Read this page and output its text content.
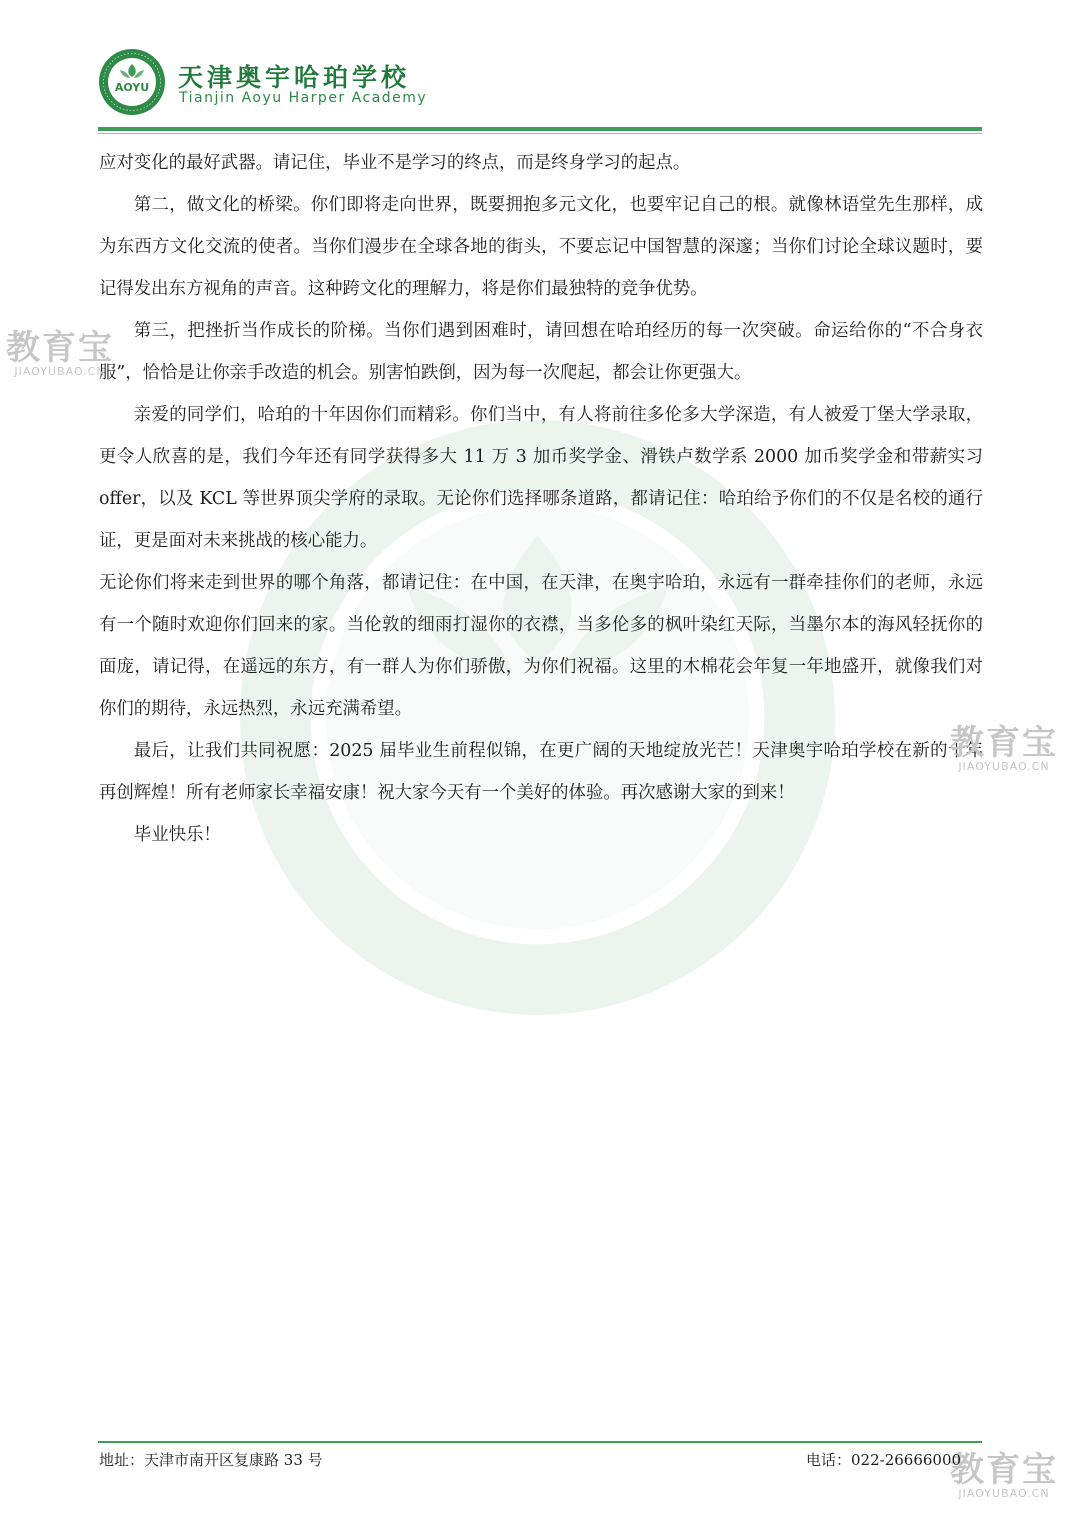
AOYU 天津奥宇哈珀学校
Tianjin Aoyu Harper Academy

应对变化的最好武器。请记住，毕业不是学习的终点，而是终身学习的起点。

第二，做文化的桥梁。你们即将走向世界，既要拥抱多元文化，也要牢记自己的根。就像林语堂先生那样，成为东西方文化交流的使者。当你们漫步在全球各地的街头，不要忘记中国智慧的深邃；当你们讨论全球议题时，要记得发出东方视角的声音。这种跨文化的理解力，将是你们最独特的竞争优势。

第三，把挫折当作成长的阶梯。当你们遇到困难时，请回想在哈珀经历的每一次突破。命运给你的“不合身衣服”，恰恰是让你亲手改造的机会。别害怕跌倒，因为每一次爬起，都会让你更强大。

亲爱的同学们，哈珀的十年因你们而精彩。你们当中，有人将前往多伦多大学深造，有人被爱丁堡大学录取，更令人欣喜的是，我们今年还有同学获得多大 11 万 3 加币奖学金、滑铁卢数学系 2000 加币奖学金和带薪实习 offer，以及 KCL 等世界顶尖学府的录取。无论你们选择哪条道路，都请记住：哈珀给予你们的不仅是名校的通行证，更是面对未来挑战的核心能力。

无论你们将来走到世界的哪个角落，都请记住：在中国，在天津，在奥宇哈珀，永远有一群牵挂你们的老师，永远有一个随时欢迎你们回来的家。当伦敦的细雨打湿你的衣襟，当多伦多的枫叶染红天际，当墨尔本的海风轻抚你的面庞，请记得，在遥远的东方，有一群人为你们骄傲，为你们祝福。这里的木棉花会年复一年地盛开，就像我们对你们的期待，永远热烈，永远充满希望。

最后，让我们共同祝愿：2025 届毕业生前程似锦，在更广阔的天地绽放光芒！天津奥宇哈珀学校在新的十年再创辉煌！所有老师家长幸福安康！祝大家今天有一个美好的体验。再次感谢大家的到来！

毕业快乐！

教育宝
JIAOYUBAO.CN
教育宝
JIAOYUBAO.CN
教育宝
JIAOYUBAO.CN
地址：天津市南开区复康路 33 号	电话：022-26666000
